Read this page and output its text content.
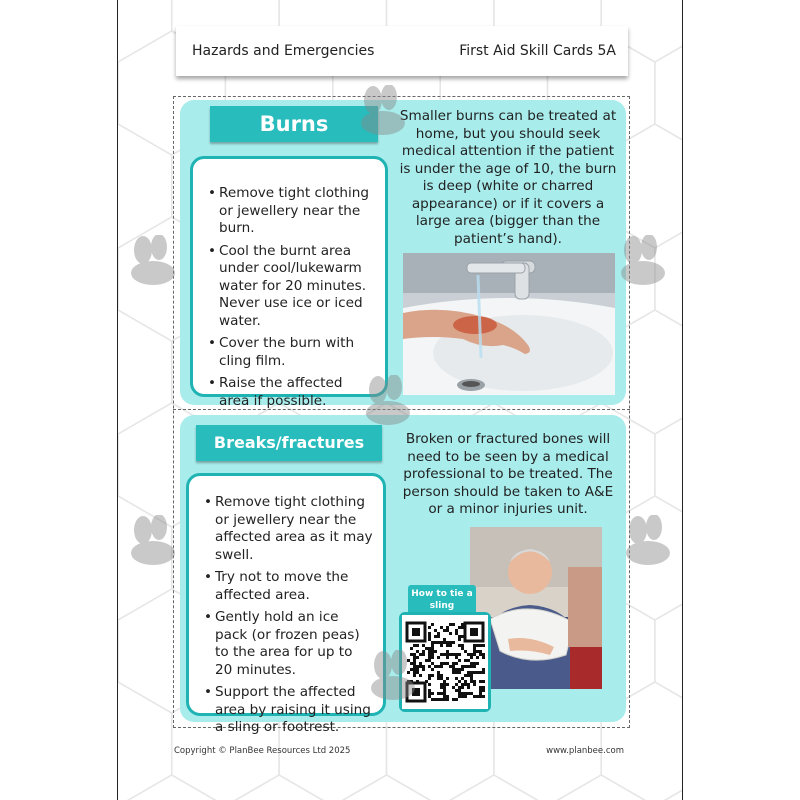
Hazards and Emergencies	First Aid Skill Cards 5A
Burns
• Remove tight clothing or jewellery near the burn.
• Cool the burnt area under cool/lukewarm water for 20 minutes. Never use ice or iced water.
• Cover the burn with cling film.
• Raise the affected area if possible.
Smaller burns can be treated at home, but you should seek medical attention if the patient is under the age of 10, the burn is deep (white or charred appearance) or if it covers a large area (bigger than the patient’s hand).
Breaks/fractures
• Remove tight clothing or jewellery near the affected area as it may swell.
• Try not to move the affected area.
• Gently hold an ice pack (or frozen peas) to the area for up to 20 minutes.
• Support the affected area by raising it using a sling or footrest.
Broken or fractured bones will need to be seen by a medical professional to be treated. The person should be taken to A&E or a minor injuries unit.
How to tie a sling
Copyright © PlanBee Resources Ltd 2025	www.planbee.com
